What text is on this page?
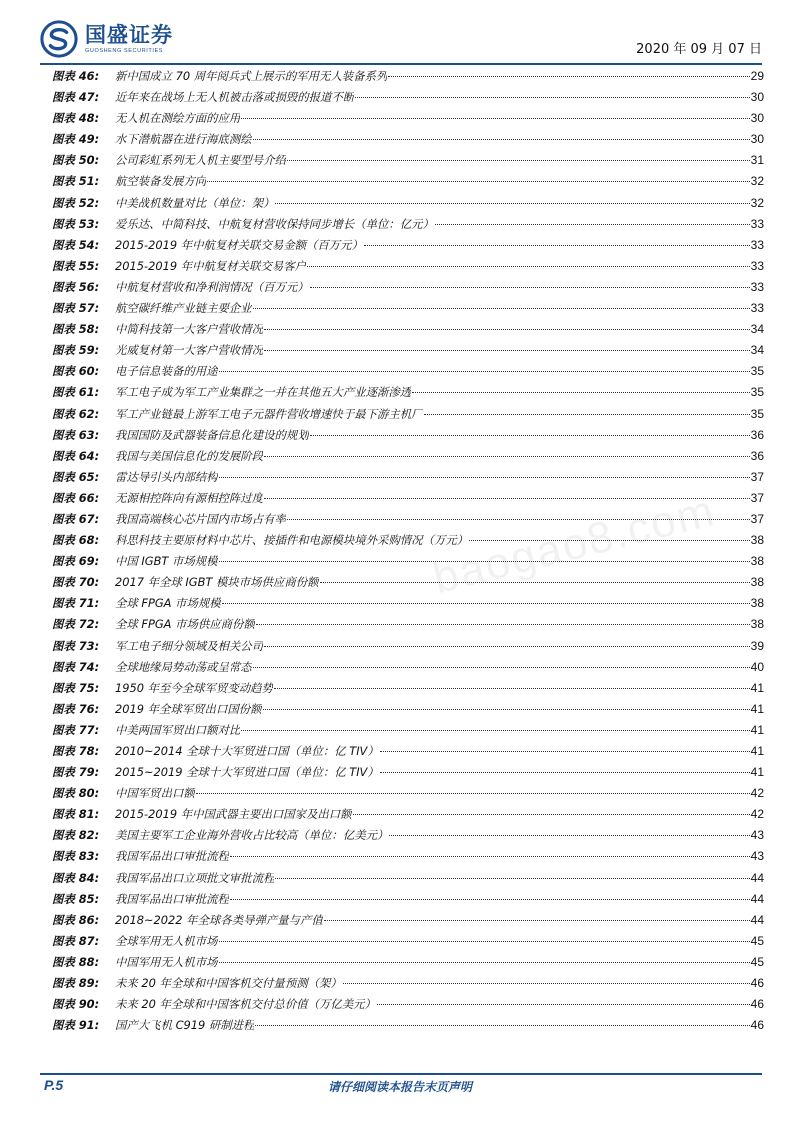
国盛证券
GUOSHENG SECURITIES	2020 年 09 月 07 日
baogao8.com
图表 46:	新中国成立 70 周年阅兵式上展示的军用无人装备系列	29
图表 47:	近年来在战场上无人机被击落或损毁的报道不断	30
图表 48:	无人机在测绘方面的应用	30
图表 49:	水下潜航器在进行海底测绘	30
图表 50:	公司彩虹系列无人机主要型号介绍	31
图表 51:	航空装备发展方向	32
图表 52:	中美战机数量对比（单位：架）	32
图表 53:	爱乐达、中简科技、中航复材营收保持同步增长（单位：亿元）	33
图表 54:	2015-2019 年中航复材关联交易金额（百万元）	33
图表 55:	2015-2019 年中航复材关联交易客户	33
图表 56:	中航复材营收和净利润情况（百万元）	33
图表 57:	航空碳纤维产业链主要企业	33
图表 58:	中简科技第一大客户营收情况	34
图表 59:	光威复材第一大客户营收情况	34
图表 60:	电子信息装备的用途	35
图表 61:	军工电子成为军工产业集群之一并在其他五大产业逐渐渗透	35
图表 62:	军工产业链最上游军工电子元器件营收增速快于最下游主机厂	35
图表 63:	我国国防及武器装备信息化建设的规划	36
图表 64:	我国与美国信息化的发展阶段	36
图表 65:	雷达导引头内部结构	37
图表 66:	无源相控阵向有源相控阵过度	37
图表 67:	我国高端核心芯片国内市场占有率	37
图表 68:	科思科技主要原材料中芯片、接插件和电源模块境外采购情况（万元）	38
图表 69:	中国 IGBT 市场规模	38
图表 70:	2017 年全球 IGBT 模块市场供应商份额	38
图表 71:	全球 FPGA 市场规模	38
图表 72:	全球 FPGA 市场供应商份额	38
图表 73:	军工电子细分领域及相关公司	39
图表 74:	全球地缘局势动荡或呈常态	40
图表 75:	1950 年至今全球军贸变动趋势	41
图表 76:	2019 年全球军贸出口国份额	41
图表 77:	中美两国军贸出口额对比	41
图表 78:	2010~2014 全球十大军贸进口国（单位：亿 TIV）	41
图表 79:	2015~2019 全球十大军贸进口国（单位：亿 TIV）	41
图表 80:	中国军贸出口额	42
图表 81:	2015-2019 年中国武器主要出口国家及出口额	42
图表 82:	美国主要军工企业海外营收占比较高（单位：亿美元）	43
图表 83:	我国军品出口审批流程	43
图表 84:	我国军品出口立项批文审批流程	44
图表 85:	我国军品出口审批流程	44
图表 86:	2018~2022 年全球各类导弹产量与产值	44
图表 87:	全球军用无人机市场	45
图表 88:	中国军用无人机市场	45
图表 89:	未来 20 年全球和中国客机交付量预测（架）	46
图表 90:	未来 20 年全球和中国客机交付总价值（万亿美元）	46
图表 91:	国产大飞机 C919 研制进程	46
P.5	请仔细阅读本报告末页声明
